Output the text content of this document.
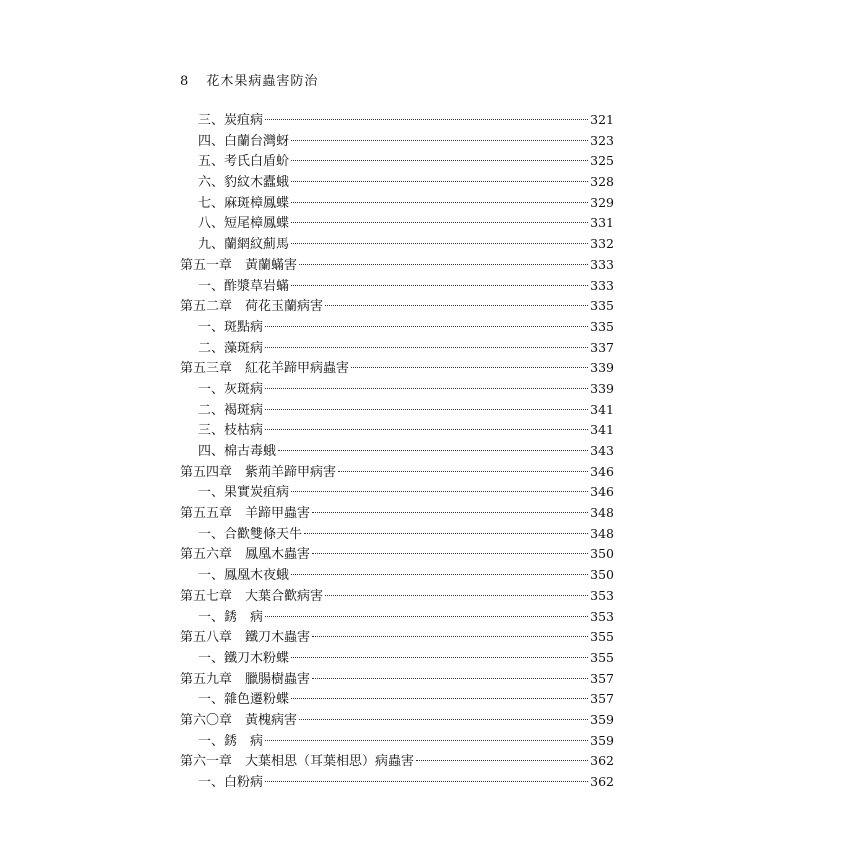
8 花木果病蟲害防治
三、炭疽病	321
四、白蘭台灣蚜	323
五、考氏白盾蚧	325
六、豹紋木蠹蛾	328
七、麻斑樟鳳蝶	329
八、短尾樟鳳蝶	331
九、蘭網紋薊馬	332
第五一章　黃蘭蟎害	333
一、酢漿草岩蟎	333
第五二章　荷花玉蘭病害	335
一、斑點病	335
二、藻斑病	337
第五三章　紅花羊蹄甲病蟲害	339
一、灰斑病	339
二、褐斑病	341
三、枝枯病	341
四、棉古毒蛾	343
第五四章　紫荊羊蹄甲病害	346
一、果實炭疽病	346
第五五章　羊蹄甲蟲害	348
一、合歡雙條天牛	348
第五六章　鳳凰木蟲害	350
一、鳳凰木夜蛾	350
第五七章　大葉合歡病害	353
一、銹　病	353
第五八章　鐵刀木蟲害	355
一、鐵刀木粉蝶	355
第五九章　臘腸樹蟲害	357
一、雜色遷粉蝶	357
第六〇章　黃槐病害	359
一、銹　病	359
第六一章　大葉相思（耳葉相思）病蟲害	362
一、白粉病	362
